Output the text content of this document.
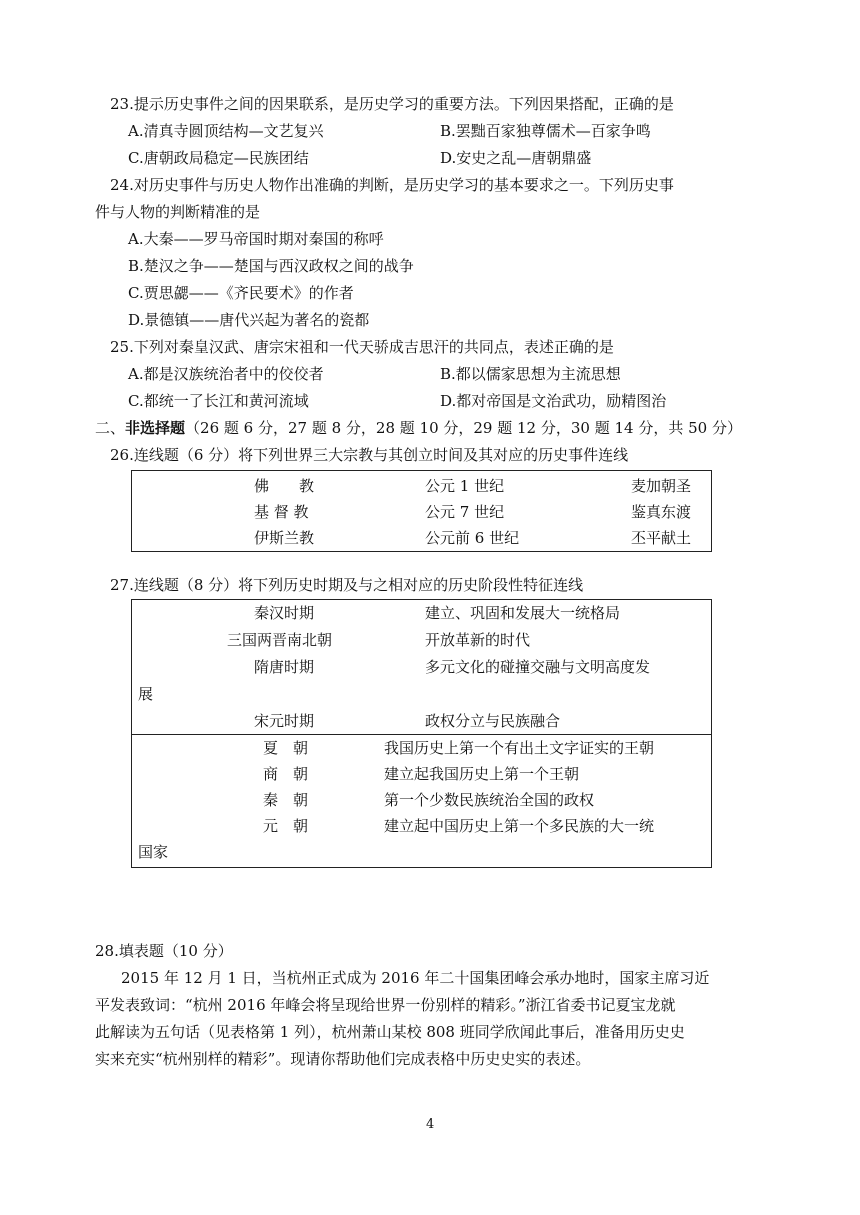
23.提示历史事件之间的因果联系，是历史学习的重要方法。下列因果搭配，正确的是
A.清真寺圆顶结构—文艺复兴	B.罢黜百家独尊儒术—百家争鸣
C.唐朝政局稳定—民族团结	D.安史之乱—唐朝鼎盛
24.对历史事件与历史人物作出准确的判断，是历史学习的基本要求之一。下列历史事
件与人物的判断精准的是
A.大秦——罗马帝国时期对秦国的称呼
B.楚汉之争——楚国与西汉政权之间的战争
C.贾思勰——《齐民要术》的作者
D.景德镇——唐代兴起为著名的瓷都
25.下列对秦皇汉武、唐宗宋祖和一代天骄成吉思汗的共同点，表述正确的是
A.都是汉族统治者中的佼佼者	B.都以儒家思想为主流思想
C.都统一了长江和黄河流域	D.都对帝国是文治武功，励精图治
二、非选择题（26 题 6 分，27 题 8 分，28 题 10 分，29 题 12 分，30 题 14 分，共 50 分）
26.连线题（6 分）将下列世界三大宗教与其创立时间及其对应的历史事件连线
佛　　教	公元 1 世纪	麦加朝圣
基 督 教	公元 7 世纪	鉴真东渡
伊斯兰教	公元前 6 世纪	丕平献土
27.连线题（8 分）将下列历史时期及与之相对应的历史阶段性特征连线
秦汉时期	建立、巩固和发展大一统格局
三国两晋南北朝	开放革新的时代
隋唐时期	多元文化的碰撞交融与文明高度发
展
宋元时期	政权分立与民族融合
夏　朝	我国历史上第一个有出土文字证实的王朝
商　朝	建立起我国历史上第一个王朝
秦　朝	第一个少数民族统治全国的政权
元　朝	建立起中国历史上第一个多民族的大一统
国家
28.填表题（10 分）
2015 年 12 月 1 日，当杭州正式成为 2016 年二十国集团峰会承办地时，国家主席习近
平发表致词：“杭州 2016 年峰会将呈现给世界一份别样的精彩。”浙江省委书记夏宝龙就
此解读为五句话（见表格第 1 列），杭州萧山某校 808 班同学欣闻此事后，准备用历史史
实来充实“杭州别样的精彩”。现请你帮助他们完成表格中历史史实的表述。
4
